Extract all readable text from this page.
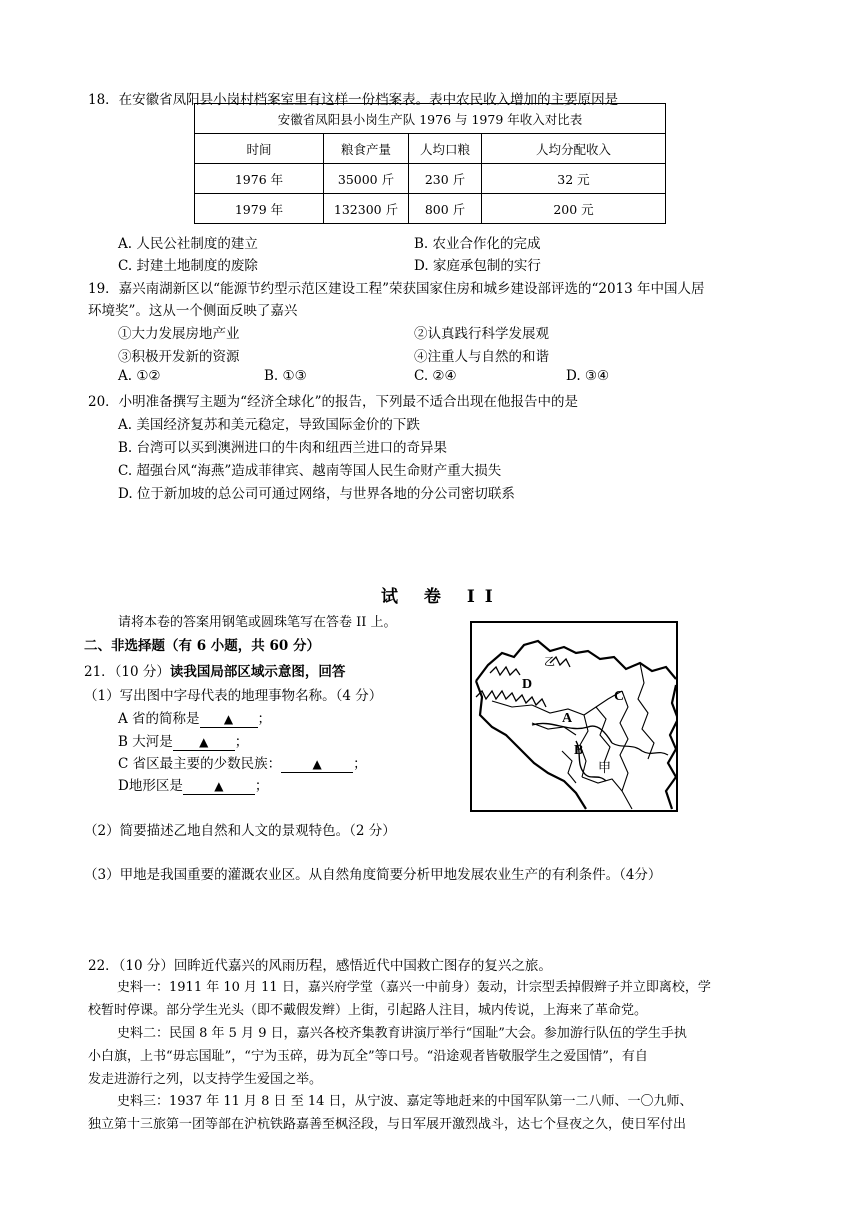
18．在安徽省凤阳县小岗村档案室里有这样一份档案表。表中农民收入增加的主要原因是
安徽省凤阳县小岗生产队 1976 与 1979 年收入对比表			
时间	粮食产量	人均口粮	人均分配收入
1976 年	35000 斤	230 斤	32 元
1979 年	132300 斤	800 斤	200 元
A. 人民公社制度的建立	B. 农业合作化的完成
C. 封建土地制度的废除	D. 家庭承包制的实行
19．嘉兴南湖新区以“能源节约型示范区建设工程”荣获国家住房和城乡建设部评选的“2013 年中国人居
环境奖”。这从一个侧面反映了嘉兴
①大力发展房地产业	②认真践行科学发展观
③积极开发新的资源	④注重人与自然的和谐
A. ①②	B. ①③	C. ②④	D. ③④
20．小明准备撰写主题为“经济全球化”的报告，下列最不适合出现在他报告中的是
A. 美国经济复苏和美元稳定，导致国际金价的下跌
B. 台湾可以买到澳洲进口的牛肉和纽西兰进口的奇异果
C. 超强台风“海燕”造成菲律宾、越南等国人民生命财产重大损失
D. 位于新加坡的总公司可通过网络，与世界各地的分公司密切联系
试 卷 II
请将本卷的答案用钢笔或圆珠笔写在答卷 II 上。
二、非选择题（有 6 小题，共 60 分）
21．（10 分）读我国局部区域示意图，回答
（1）写出图中字母代表的地理事物名称。（4 分）
A 省的简称是 ▲ ；
B 大河是 ▲ ；
C 省区最主要的少数民族：	▲ ；
D地形区是	▲ ；
乙
D
C
A
B
甲
（2）简要描述乙地自然和人文的景观特色。（2 分）
（3）甲地是我国重要的灌溉农业区。从自然角度简要分析甲地发展农业生产的有利条件。（4分）
22．（10 分）回眸近代嘉兴的风雨历程，感悟近代中国救亡图存的复兴之旅。
史料一：1911 年 10 月 11 日，嘉兴府学堂（嘉兴一中前身）轰动，计宗型丢掉假辫子并立即离校，学
校暂时停课。部分学生光头（即不戴假发辫）上街，引起路人注目，城内传说，上海来了革命党。
史料二：民国 8 年 5 月 9 日，嘉兴各校齐集教育讲演厅举行“国耻”大会。参加游行队伍的学生手执
小白旗，上书“毋忘国耻”，“宁为玉碎，毋为瓦全”等口号。“沿途观者皆敬服学生之爱国情”，有自
发走进游行之列，以支持学生爱国之举。
史料三：1937 年 11 月 8 日 至 14 日，从宁波、嘉定等地赶来的中国军队第一二八师、一〇九师、
独立第十三旅第一团等部在沪杭铁路嘉善至枫泾段，与日军展开激烈战斗，达七个昼夜之久，使日军付出
